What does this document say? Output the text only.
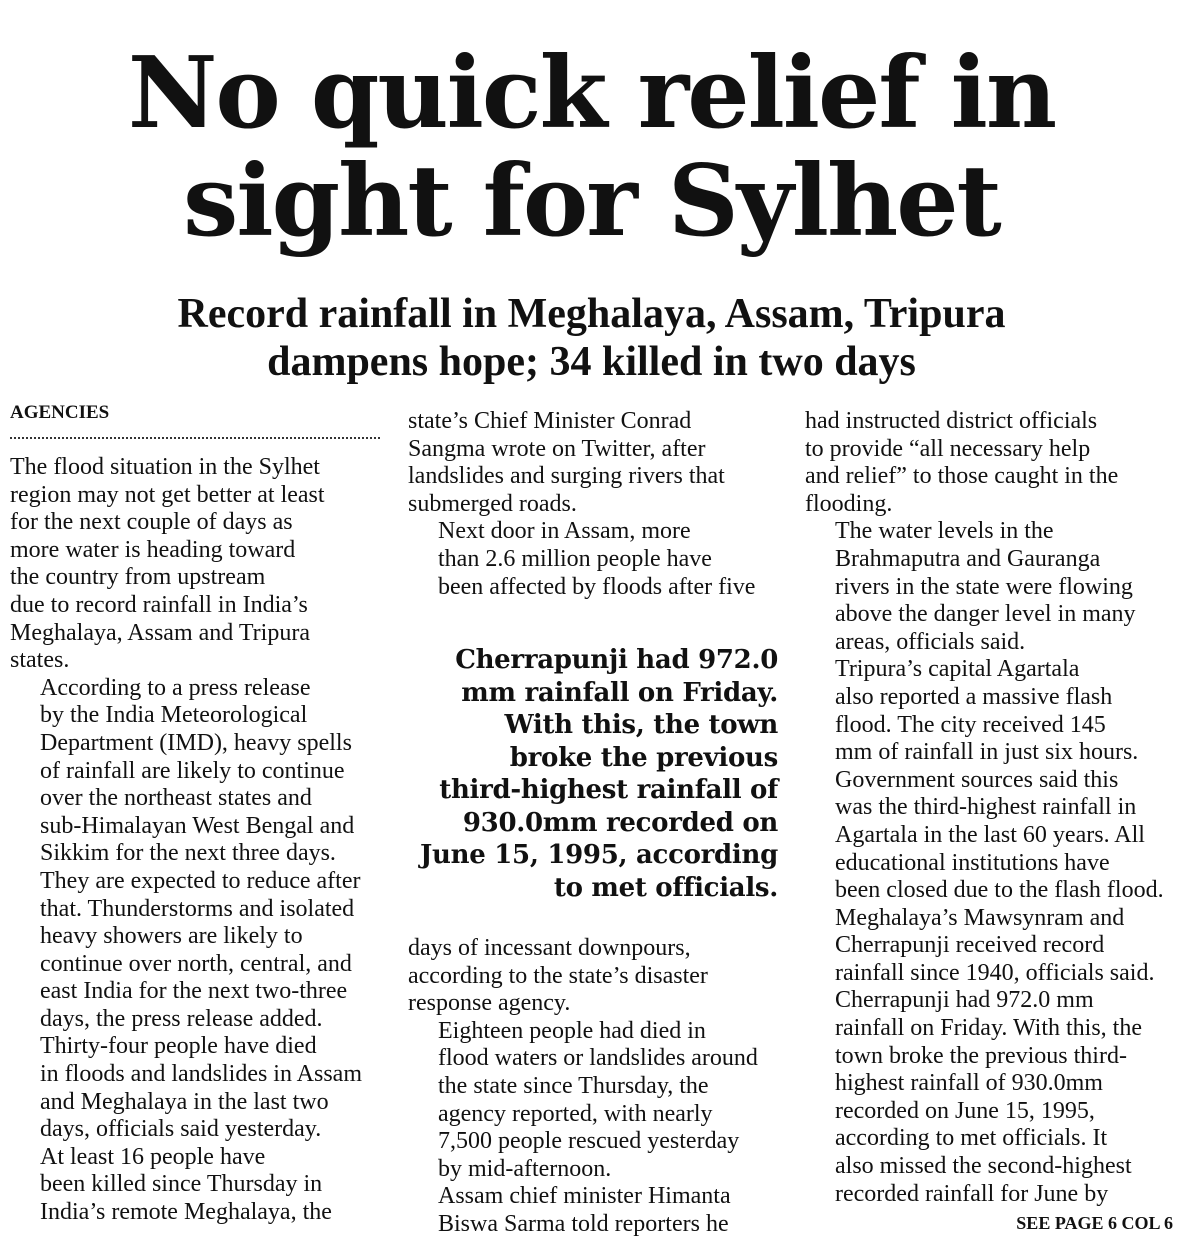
No quick relief in
sight for Sylhet
Record rainfall in Meghalaya, Assam, Tripura
dampens hope; 34 killed in two days
AGENCIES

The flood situation in the Sylhet
region may not get better at least
for the next couple of days as
more water is heading toward
the country from upstream
due to record rainfall in India’s
Meghalaya, Assam and Tripura
states.

According to a press release
by the India Meteorological
Department (IMD), heavy spells
of rainfall are likely to continue
over the northeast states and
sub-Himalayan West Bengal and
Sikkim for the next three days.
They are expected to reduce after
that. Thunderstorms and isolated
heavy showers are likely to
continue over north, central, and
east India for the next two-three
days, the press release added.

Thirty-four people have died
in floods and landslides in Assam
and Meghalaya in the last two
days, officials said yesterday.

At least 16 people have
been killed since Thursday in
India’s remote Meghalaya, the

state’s Chief Minister Conrad
Sangma wrote on Twitter, after
landslides and surging rivers that
submerged roads.

Next door in Assam, more
than 2.6 million people have
been affected by floods after five

Cherrapunji had 972.0
mm rainfall on Friday.
With this, the town
broke the previous
third-highest rainfall of
930.0mm recorded on
June 15, 1995, according
to met officials.

days of incessant downpours,
according to the state’s disaster
response agency.

Eighteen people had died in
flood waters or landslides around
the state since Thursday, the
agency reported, with nearly
7,500 people rescued yesterday
by mid-afternoon.

Assam chief minister Himanta
Biswa Sarma told reporters he

had instructed district officials
to provide “all necessary help
and relief” to those caught in the
flooding.

The water levels in the
Brahmaputra and Gauranga
rivers in the state were flowing
above the danger level in many
areas, officials said.

Tripura’s capital Agartala
also reported a massive flash
flood. The city received 145
mm of rainfall in just six hours.
Government sources said this
was the third-highest rainfall in
Agartala in the last 60 years. All
educational institutions have
been closed due to the flash flood.

Meghalaya’s Mawsynram and
Cherrapunji received record
rainfall since 1940, officials said.

Cherrapunji had 972.0 mm
rainfall on Friday. With this, the
town broke the previous third-
highest rainfall of 930.0mm
recorded on June 15, 1995,
according to met officials. It
also missed the second-highest
recorded rainfall for June by

SEE PAGE 6 COL 6
